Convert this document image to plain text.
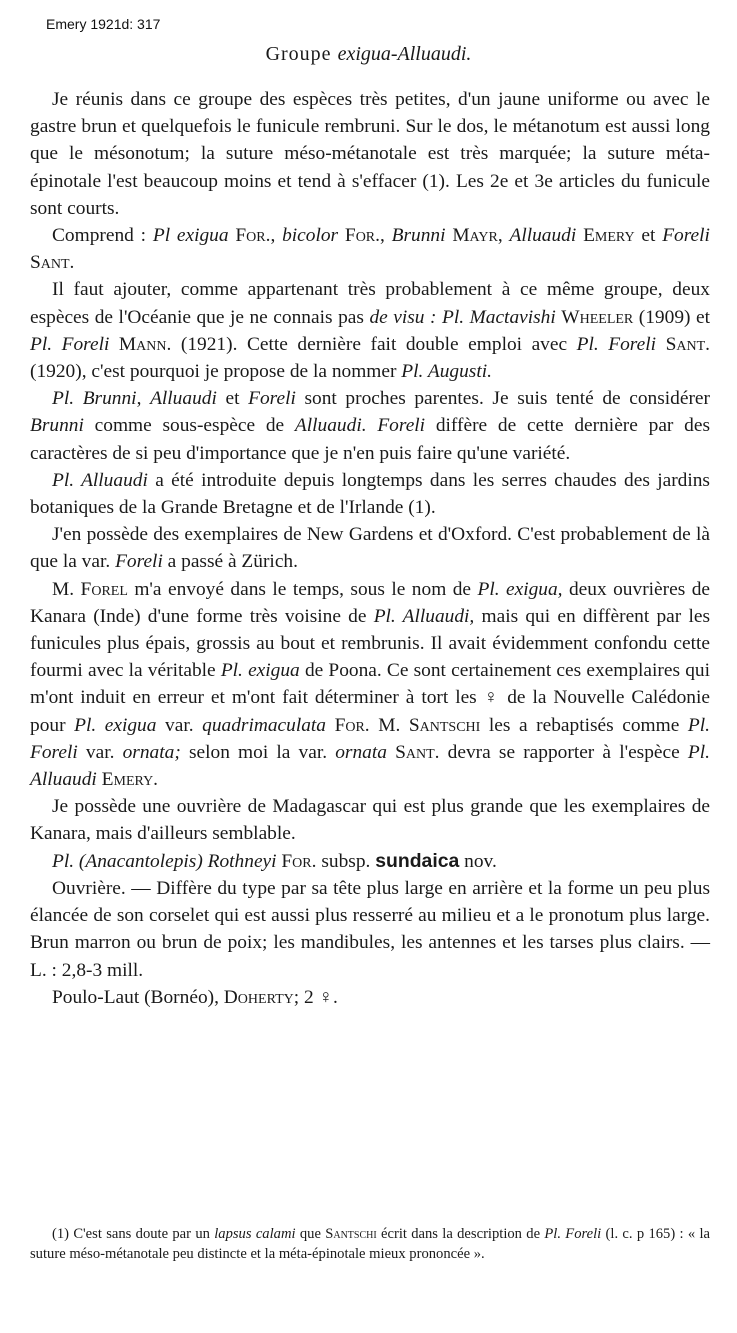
Emery 1921d: 317
Groupe exigua-Alluaudi.

Je réunis dans ce groupe des espèces très petites, d'un jaune uniforme ou avec le gastre brun et quelquefois le funicule rembruni. Sur le dos, le métanotum est aussi long que le mésonotum; la suture méso-métanotale est très marquée; la suture méta-épinotale l'est beaucoup moins et tend à s'effacer (1). Les 2e et 3e articles du funicule sont courts.

Comprend : Pl exigua For., bicolor For., Brunni Mayr, Alluaudi Emery et Foreli Sant.

Il faut ajouter, comme appartenant très probablement à ce même groupe, deux espèces de l'Océanie que je ne connais pas de visu : Pl. Mactavishi Wheeler (1909) et Pl. Foreli Mann. (1921). Cette dernière fait double emploi avec Pl. Foreli Sant.(1920), c'est pourquoi je propose de la nommer Pl. Augusti.

Pl. Brunni, Alluaudi et Foreli sont proches parentes. Je suis tenté de considérer Brunni comme sous-espèce de Alluaudi. Foreli diffère de cette dernière par des caractères de si peu d'importance que je n'en puis faire qu'une variété.

Pl. Alluaudi a été introduite depuis longtemps dans les serres chaudes des jardins botaniques de la Grande Bretagne et de l'Irlande (1).

J'en possède des exemplaires de New Gardens et d'Oxford. C'est probablement de là que la var. Foreli a passé à Zürich.

M. Forel m'a envoyé dans le temps, sous le nom de Pl. exigua, deux ouvrières de Kanara (Inde) d'une forme très voisine de Pl. Alluaudi, mais qui en diffèrent par les funicules plus épais, grossis au bout et rembrunis. Il avait évidemment confondu cette fourmi avec la véritable Pl. exigua de Poona. Ce sont certainement ces exemplaires qui m'ont induit en erreur et m'ont fait déterminer à tort les ♀ de la Nouvelle Calédonie pour Pl. exigua var. quadrimaculata For. M. Santschi les a rebaptisés comme Pl. Foreli var. ornata; selon moi la var. ornata Sant. devra se rapporter à l'espèce Pl. Alluaudi Emery.

Je possède une ouvrière de Madagascar qui est plus grande que les exemplaires de Kanara, mais d'ailleurs semblable.

Pl. (Anacantolepis) Rothneyi For. subsp. sundaica nov.

Ouvrière. — Diffère du type par sa tête plus large en arrière et la forme un peu plus élancée de son corselet qui est aussi plus resserré au milieu et a le pronotum plus large. Brun marron ou brun de poix; les mandibules, les antennes et les tarses plus clairs. — L. : 2,8-3 mill.

Poulo-Laut (Bornéo), Doherty; 2 ♀.

(1) C'est sans doute par un lapsus calami que Santschi écrit dans la description de Pl. Foreli (l. c. p 165) : « la suture méso-métanotale peu distincte et la méta-épinotale mieux prononcée ».
